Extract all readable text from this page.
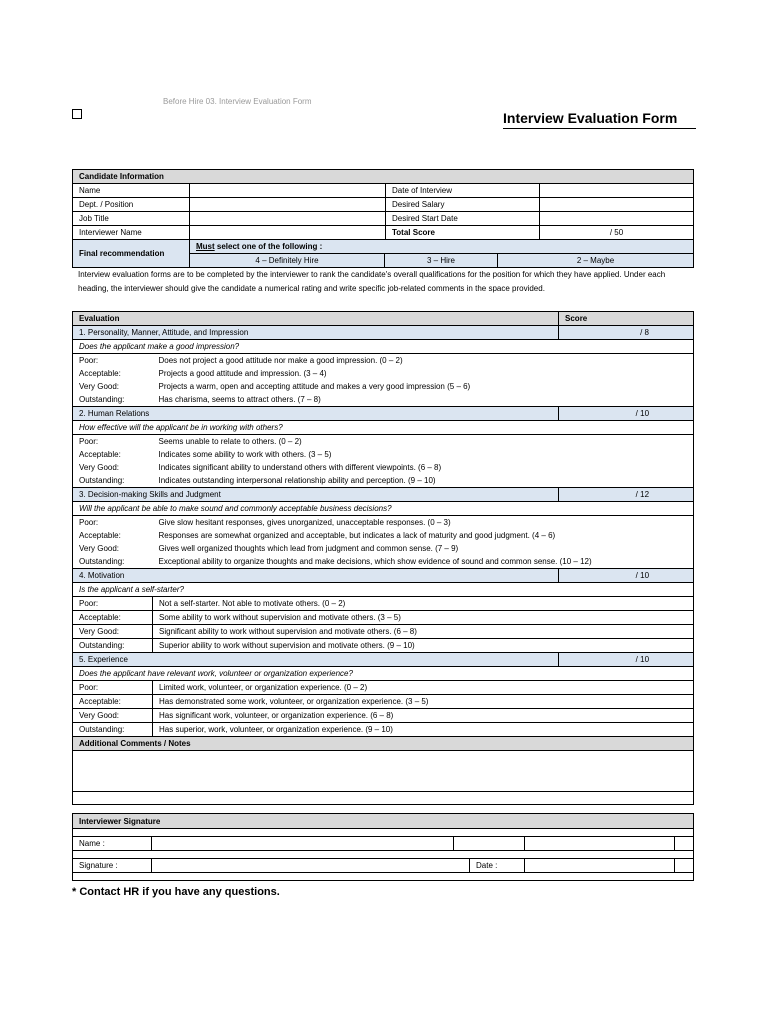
Before Hire 03. Interview Evaluation Form
Interview Evaluation Form
Candidate Information					
Name		Date of Interview			
Dept. / Position		Desired Salary			
Job Title		Desired Start Date			
Interviewer Name		Total Score		/ 50	
Final recommendation	Must select one of the following :				
	4 – Definitely Hire	3 – Hire	2 – Maybe	
Interview evaluation forms are to be completed by the interviewer to rank the candidate's overall qualifications for the position for which they have applied. Under each heading, the interviewer should give the candidate a numerical rating and write specific job-related comments in the space provided.
Evaluation		Score
1. Personality, Manner, Attitude, and Impression		/ 8
Does the applicant make a good impression?		
Poor:	Does not project a good attitude nor make a good impression. (0 – 2)	
Acceptable:	Projects a good attitude and impression. (3 – 4)	
Very Good:	Projects a warm, open and accepting attitude and makes a very good impression (5 – 6)	
Outstanding:	Has charisma, seems to attract others. (7 – 8)	
2. Human Relations		/ 10
How effective will the applicant be in working with others?		
Poor:	Seems unable to relate to others. (0 – 2)	
Acceptable:	Indicates some ability to work with others. (3 – 5)	
Very Good:	Indicates significant ability to understand others with different viewpoints. (6 – 8)	
Outstanding:	Indicates outstanding interpersonal relationship ability and perception. (9 – 10)	
3. Decision-making Skills and Judgment		/ 12
Will the applicant be able to make sound and commonly acceptable business decisions?		
Poor:	Give slow hesitant responses, gives unorganized, unacceptable responses. (0 – 3)	
Acceptable:	Responses are somewhat organized and acceptable, but indicates a lack of maturity and good judgment. (4 – 6)	
Very Good:	Gives well organized thoughts which lead from judgment and common sense. (7 – 9)	
Outstanding:	Exceptional ability to organize thoughts and make decisions, which show evidence of sound and common sense. (10 – 12)	
4. Motivation		/ 10
Is the applicant a self-starter?		
Poor:	Not a self-starter. Not able to motivate others. (0 – 2)	
Acceptable:	Some ability to work without supervision and motivate others. (3 – 5)	
Very Good:	Significant ability to work without supervision and motivate others. (6 – 8)	
Outstanding:	Superior ability to work without supervision and motivate others. (9 – 10)	
5. Experience		/ 10
Does the applicant have relevant work, volunteer or organization experience?		
Poor:	Limited work, volunteer, or organization experience. (0 – 2)	
Acceptable:	Has demonstrated some work, volunteer, or organization experience. (3 – 5)	
Very Good:	Has significant work, volunteer, or organization experience. (6 – 8)	
Outstanding:	Has superior, work, volunteer, or organization experience. (9 – 10)	
Additional Comments / Notes		

Interviewer Signature					

Name :					

Signature :			Date :		

* Contact HR if you have any questions.
